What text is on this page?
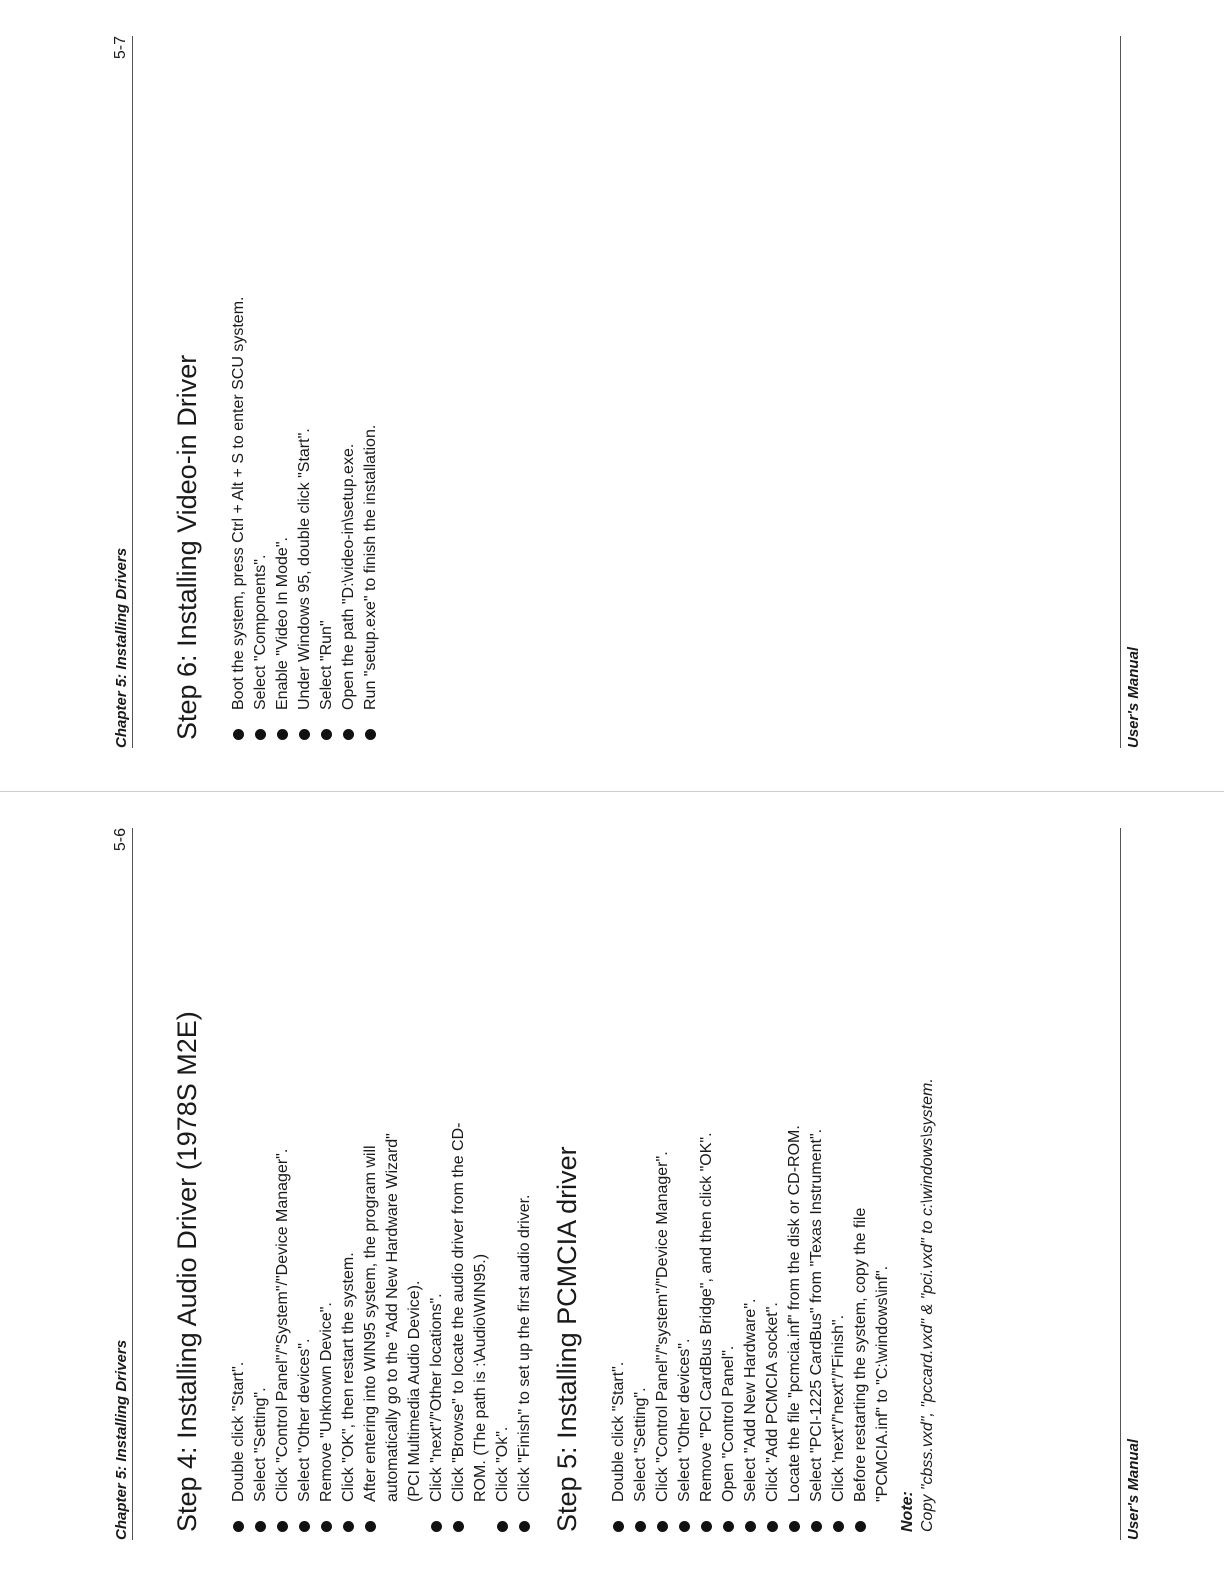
Chapter 5: Installing Drivers
5-6
Step 4: Installing Audio Driver (1978S M2E) Double click "Start". Select "Setting". Click "Control Panel"/"System"/"Device Manager". Select "Other devices". Remove "Unknown Device". Click "OK", then restart the system. After entering into WIN95 system, the program will automatically go to the "Add New Hardware Wizard" (PCI Multimedia Audio Device). Click "next"/"Other locations". Click "Browse" to locate the audio driver from the CD-ROM. (The path is :\Audio\WIN95.) Click "Ok". Click "Finish" to set up the first audio driver. Step 5: Installing PCMCIA driver Double click "Start". Select "Setting". Click "Control Panel"/"system"/"Device Manager". Select "Other devices". Remove "PCI CardBus Bridge", and then click "OK". Open "Control Panel". Select "Add New Hardware". Click "Add PCMCIA socket". Locate the file "pcmcia.inf" from the disk or CD-ROM. Select "PCI-1225 CardBus" from "Texas Instrument". Click 'next"/"next"/"Finish". Before restarting the system, copy the file "PCMCIA.inf" to "C:\windows\inf".
Note: Copy "cbss.vxd", "pccard.vxd" & "pci.vxd" to c:\windows\system.	User's Manual
Chapter 5: Installing Drivers
5-7
Step 6: Installing Video-in Driver Boot the system, press Ctrl + Alt + S to enter SCU system. Select "Components". Enable "Video In Mode". Under Windows 95, double click "Start". Select "Run" Open the path "D:\video-in\setup.exe. Run "setup.exe" to finish the installation.	User's Manual
